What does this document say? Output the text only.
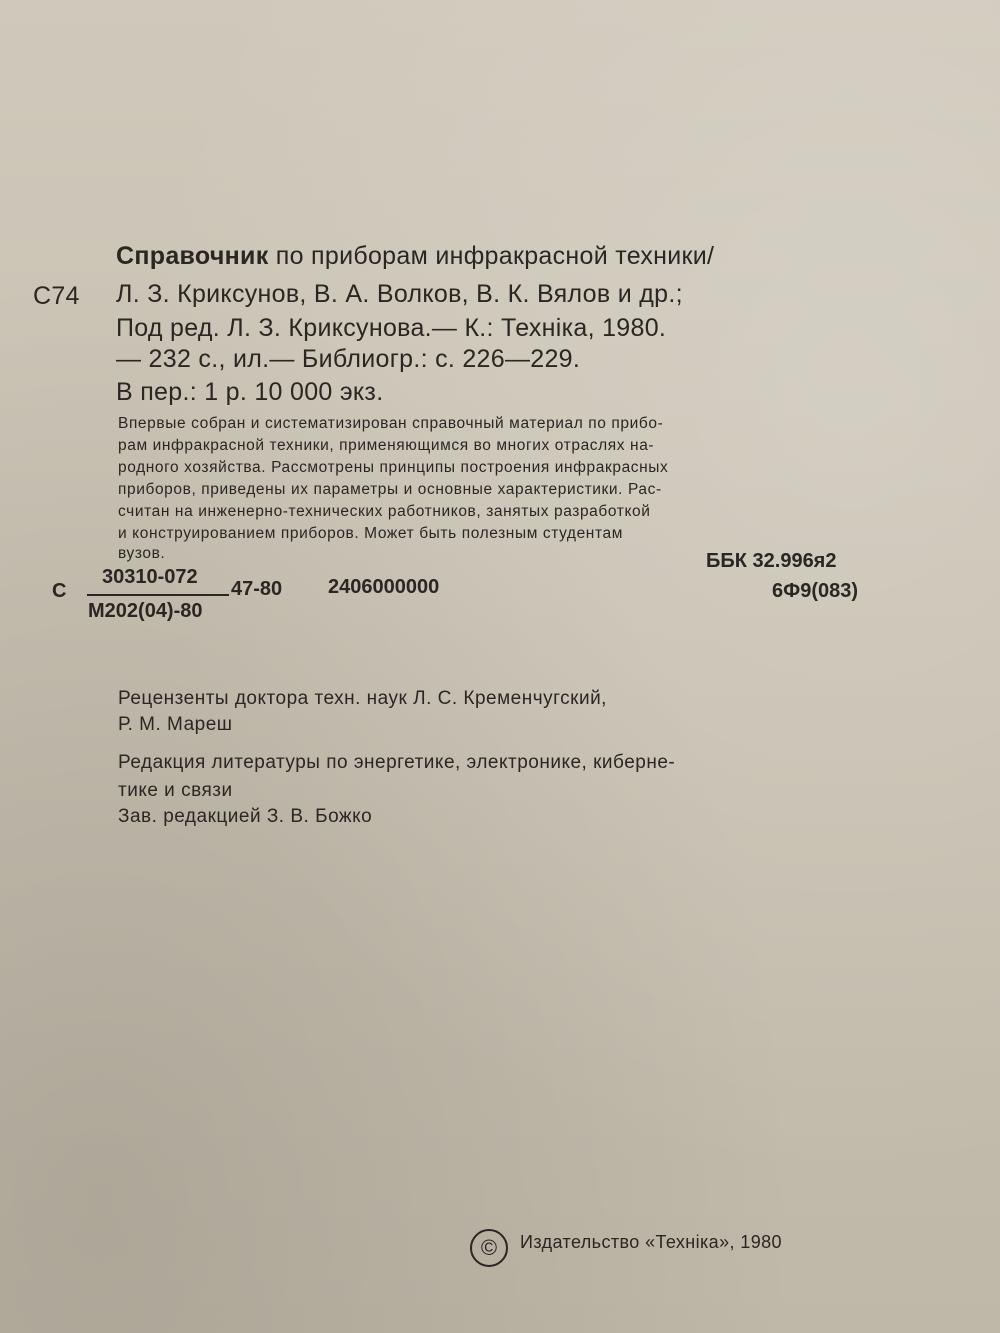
Справочник по приборам инфракрасной техники/
С74 Л. З. Криксунов, В. А. Волков, В. К. Вялов и др.;
Под ред. Л. З. Криксунова.— К.: Техніка, 1980.
— 232 с., ил.— Библиогр.: с. 226—229.
В пер.: 1 р. 10 000 экз.
Впервые собран и систематизирован справочный материал по прибо-
рам инфракрасной техники, применяющимся во многих отраслях на-
родного хозяйства. Рассмотрены принципы построения инфракрасных
приборов, приведены их параметры и основные характеристики. Рас-
считан на инженерно-технических работников, занятых разработкой
и конструированием приборов. Может быть полезным студентам
вузов.
С
30310-072
М202(04)-80
47-80 2406000000
ББК 32.996я2
6Ф9(083)
Рецензенты доктора техн. наук Л. С. Кременчугский,
Р. М. Мареш
Редакция литературы по энергетике, электронике, киберне-
тике и связи
Зав. редакцией З. В. Божко
©	Издательство «Техніка», 1980
